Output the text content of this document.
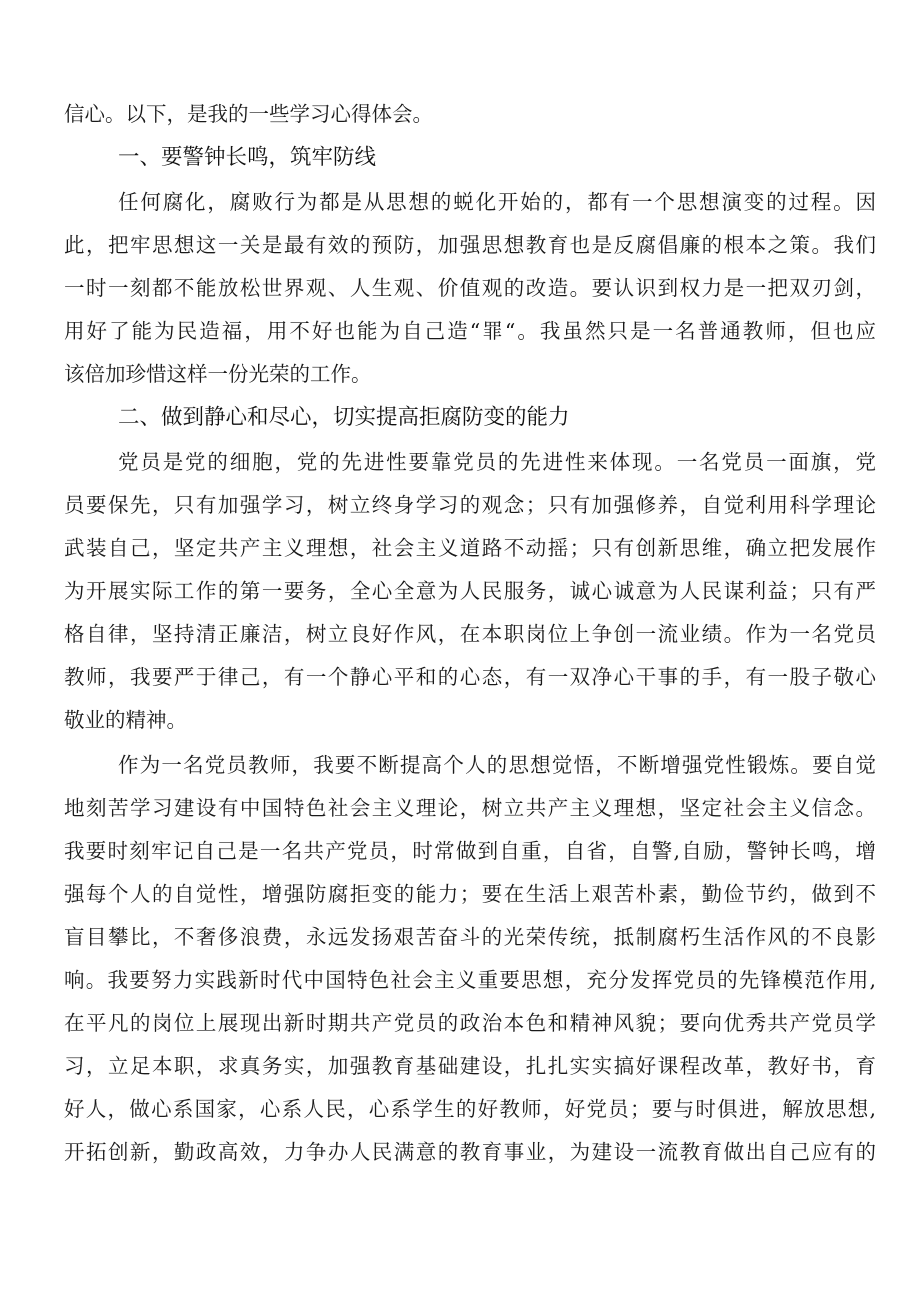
信心。以下，是我的一些学习心得体会。
一、要警钟长鸣，筑牢防线
任何腐化，腐败行为都是从思想的蜕化开始的，都有一个思想演变的过程。因
此，把牢思想这一关是最有效的预防，加强思想教育也是反腐倡廉的根本之策。我们
一时一刻都不能放松世界观、人生观、价值观的改造。要认识到权力是一把双刃剑，
用好了能为民造福，用不好也能为自己造“罪“。我虽然只是一名普通教师，但也应
该倍加珍惜这样一份光荣的工作。
二、做到静心和尽心，切实提高拒腐防变的能力
党员是党的细胞，党的先进性要靠党员的先进性来体现。一名党员一面旗，党
员要保先，只有加强学习，树立终身学习的观念；只有加强修养，自觉利用科学理论
武装自己，坚定共产主义理想，社会主义道路不动摇；只有创新思维，确立把发展作
为开展实际工作的第一要务，全心全意为人民服务，诚心诚意为人民谋利益；只有严
格自律，坚持清正廉洁，树立良好作风，在本职岗位上争创一流业绩。作为一名党员
教师，我要严于律己，有一个静心平和的心态，有一双净心干事的手，有一股子敬心
敬业的精神。
作为一名党员教师，我要不断提高个人的思想觉悟，不断增强党性锻炼。要自觉
地刻苦学习建设有中国特色社会主义理论，树立共产主义理想，坚定社会主义信念。
我要时刻牢记自己是一名共产党员，时常做到自重，自省，自警,自励，警钟长鸣，增
强每个人的自觉性，增强防腐拒变的能力；要在生活上艰苦朴素，勤俭节约，做到不
盲目攀比，不奢侈浪费，永远发扬艰苦奋斗的光荣传统，抵制腐朽生活作风的不良影
响。我要努力实践新时代中国特色社会主义重要思想，充分发挥党员的先锋模范作用,
在平凡的岗位上展现出新时期共产党员的政治本色和精神风貌；要向优秀共产党员学
习，立足本职，求真务实，加强教育基础建设，扎扎实实搞好课程改革，教好书，育
好人，做心系国家，心系人民，心系学生的好教师，好党员；要与时俱进，解放思想,
开拓创新，勤政高效，力争办人民满意的教育事业，为建设一流教育做出自己应有的
